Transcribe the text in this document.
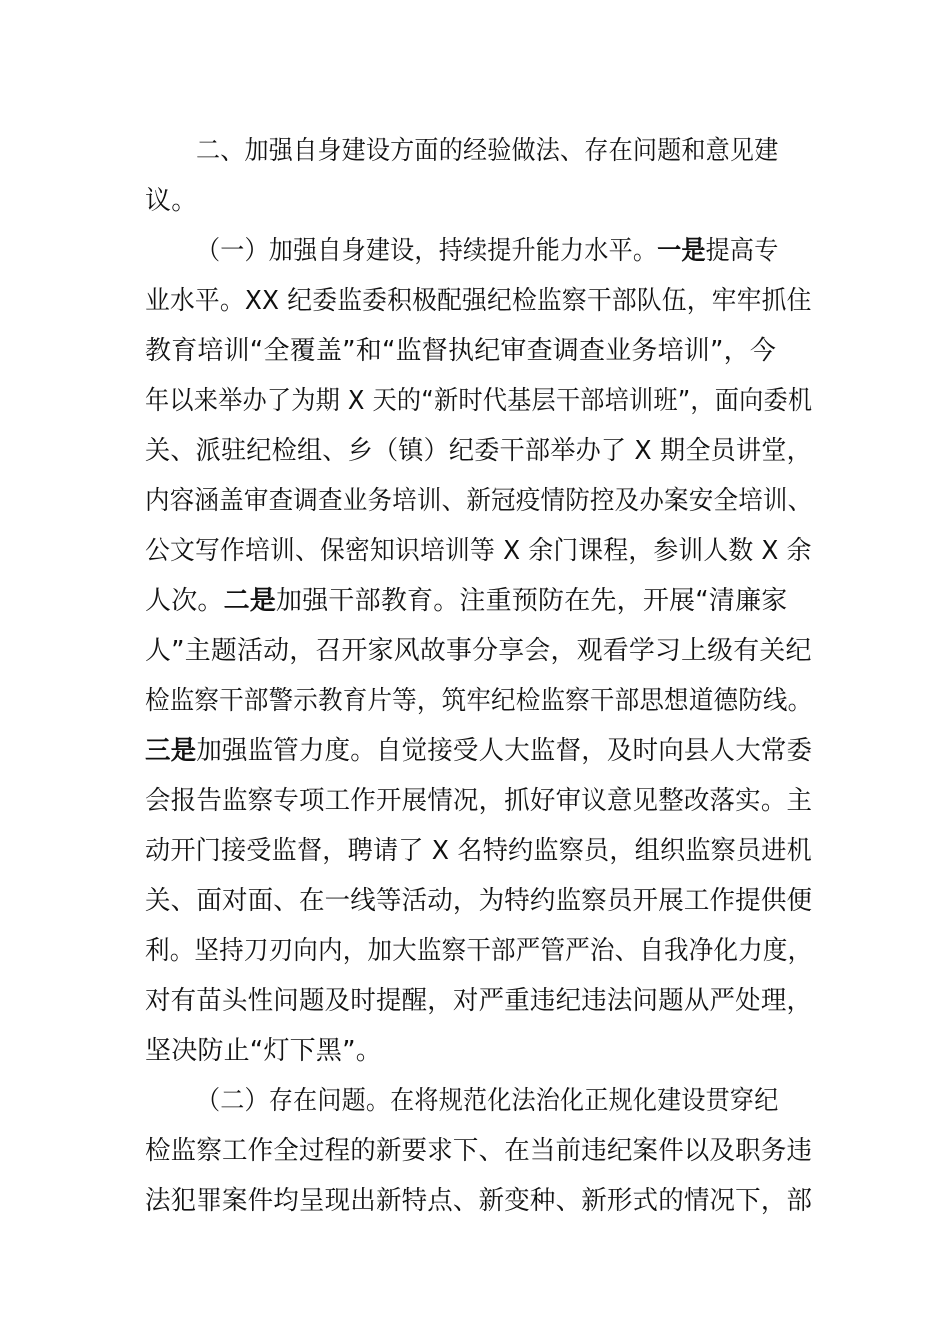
二、加强自身建设方面的经验做法、存在问题和意见建
议。
（一）加强自身建设，持续提升能力水平。一是提高专
业水平。XX 纪委监委积极配强纪检监察干部队伍，牢牢抓住
教育培训“全覆盖”和“监督执纪审查调查业务培训”，今
年以来举办了为期 X 天的“新时代基层干部培训班”，面向委机
关、派驻纪检组、乡（镇）纪委干部举办了 X 期全员讲堂，
内容涵盖审查调查业务培训、新冠疫情防控及办案安全培训、
公文写作培训、保密知识培训等 X 余门课程，参训人数 X 余
人次。二是加强干部教育。注重预防在先，开展“清廉家
人”主题活动，召开家风故事分享会，观看学习上级有关纪
检监察干部警示教育片等，筑牢纪检监察干部思想道德防线。
三是加强监管力度。自觉接受人大监督，及时向县人大常委
会报告监察专项工作开展情况，抓好审议意见整改落实。主
动开门接受监督，聘请了 X 名特约监察员，组织监察员进机
关、面对面、在一线等活动，为特约监察员开展工作提供便
利。坚持刀刃向内，加大监察干部严管严治、自我净化力度，
对有苗头性问题及时提醒，对严重违纪违法问题从严处理，
坚决防止“灯下黑”。
（二）存在问题。在将规范化法治化正规化建设贯穿纪
检监察工作全过程的新要求下、在当前违纪案件以及职务违
法犯罪案件均呈现出新特点、新变种、新形式的情况下，部
